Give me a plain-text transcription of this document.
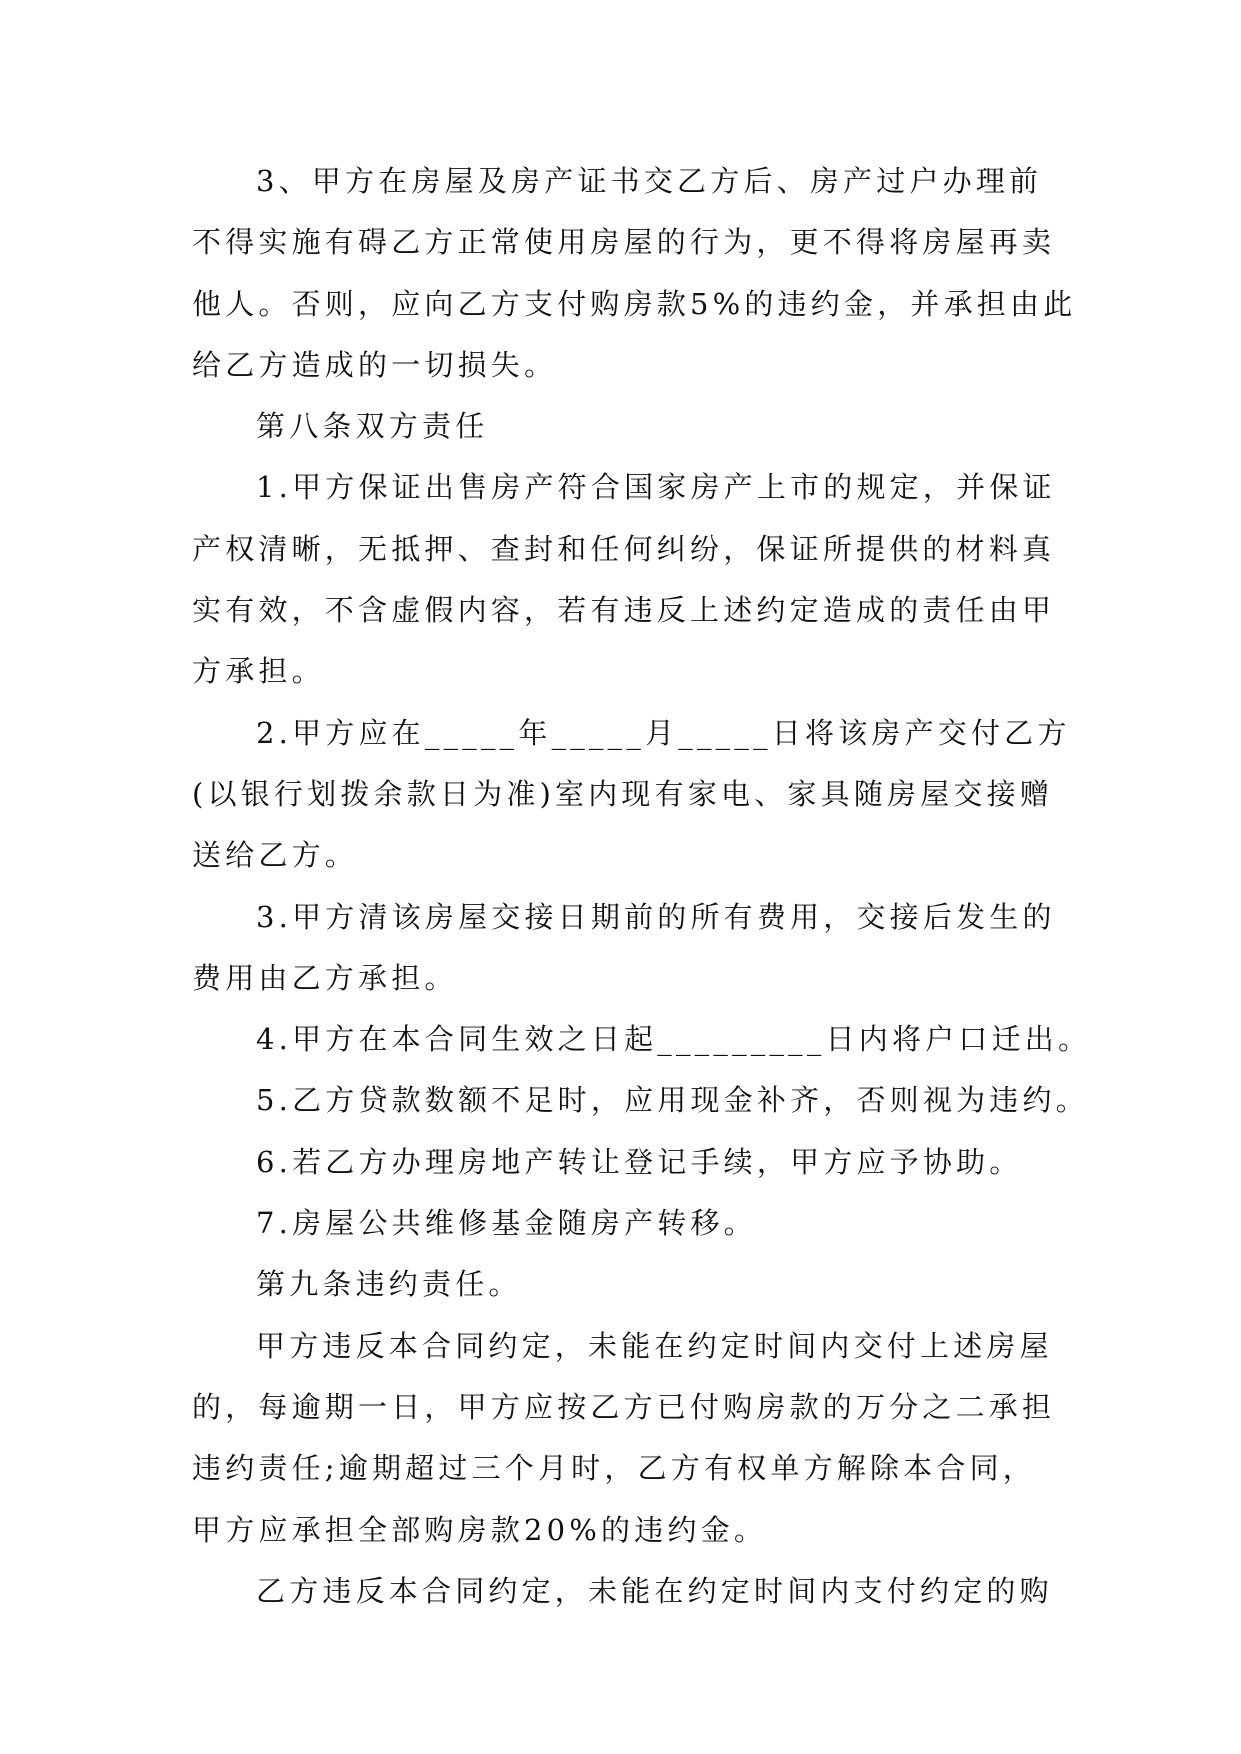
3、甲方在房屋及房产证书交乙方后、房产过户办理前
不得实施有碍乙方正常使用房屋的行为，更不得将房屋再卖
他人。否则，应向乙方支付购房款5%的违约金，并承担由此
给乙方造成的一切损失。
第八条双方责任
1.甲方保证出售房产符合国家房产上市的规定，并保证
产权清晰，无抵押、查封和任何纠纷，保证所提供的材料真
实有效，不含虚假内容，若有违反上述约定造成的责任由甲
方承担。
2.甲方应在_____年_____月_____日将该房产交付乙方
(以银行划拨余款日为准)室内现有家电、家具随房屋交接赠
送给乙方。
3.甲方清该房屋交接日期前的所有费用，交接后发生的
费用由乙方承担。
4.甲方在本合同生效之日起_________日内将户口迁出。
5.乙方贷款数额不足时，应用现金补齐，否则视为违约。
6.若乙方办理房地产转让登记手续，甲方应予协助。
7.房屋公共维修基金随房产转移。
第九条违约责任。
甲方违反本合同约定，未能在约定时间内交付上述房屋
的，每逾期一日，甲方应按乙方已付购房款的万分之二承担
违约责任;逾期超过三个月时，乙方有权单方解除本合同，
甲方应承担全部购房款20%的违约金。
乙方违反本合同约定，未能在约定时间内支付约定的购
